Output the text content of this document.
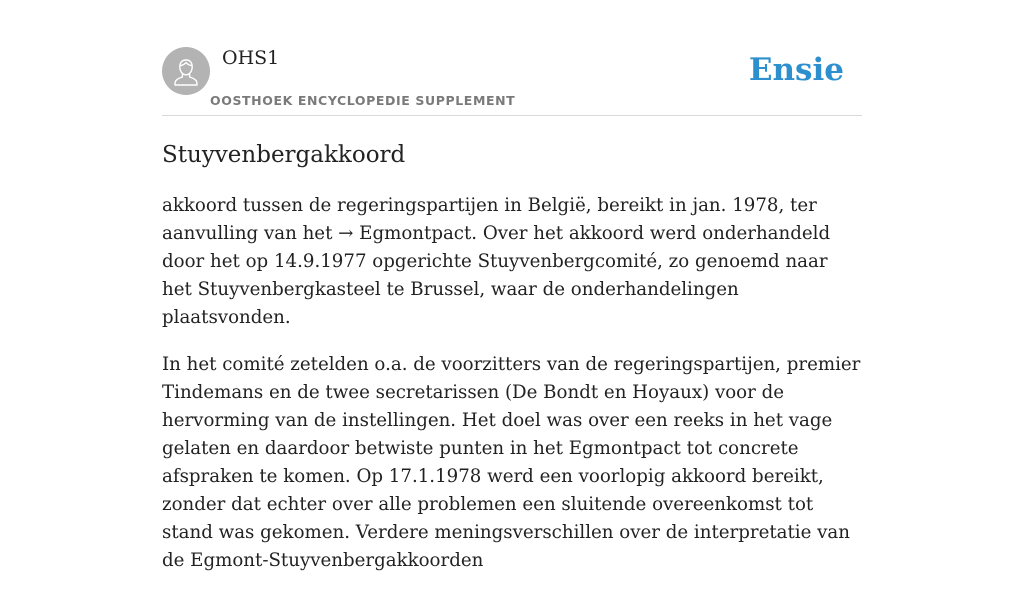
OHS1
OOSTHOEK ENCYCLOPEDIE SUPPLEMENT
Ensie
Stuyvenbergakkoord

akkoord tussen de regeringspartijen in België, bereikt in jan. 1978, ter aanvulling van het → Egmontpact. Over het akkoord werd onderhandeld door het op 14.9.1977 opgerichte Stuyvenbergcomité, zo genoemd naar het Stuyvenbergkasteel te Brussel, waar de onderhandelingen plaatsvonden.

In het comité zetelden o.a. de voorzitters van de regeringspartijen, premier Tindemans en de twee secretarissen (De Bondt en Hoyaux) voor de hervorming van de instellingen. Het doel was over een reeks in het vage gelaten en daardoor betwiste punten in het Egmontpact tot concrete afspraken te komen. Op 17.1.1978 werd een voorlopig akkoord bereikt, zonder dat echter over alle problemen een sluitende overeenkomst tot stand was gekomen. Verdere meningsverschillen over de interpretatie van de Egmont-Stuyvenbergakkoorden
